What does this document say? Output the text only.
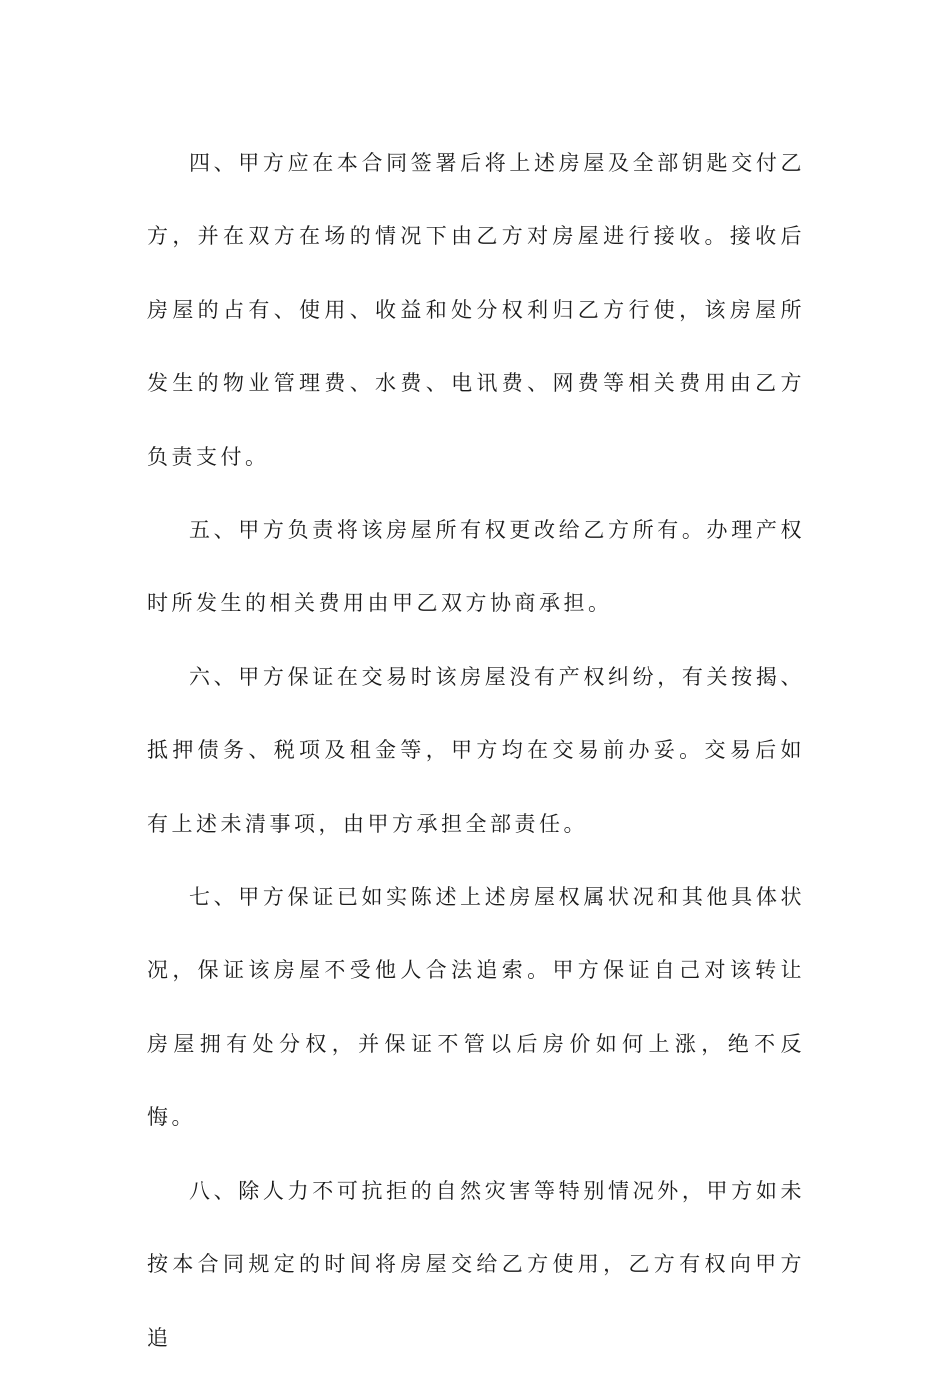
四、甲方应在本合同签署后将上述房屋及全部钥匙交付乙方，并在双方在场的情况下由乙方对房屋进行接收。接收后房屋的占有、使用、收益和处分权利归乙方行使，该房屋所发生的物业管理费、水费、电讯费、网费等相关费用由乙方负责支付。

五、甲方负责将该房屋所有权更改给乙方所有。办理产权时所发生的相关费用由甲乙双方协商承担。

六、甲方保证在交易时该房屋没有产权纠纷，有关按揭、抵押债务、税项及租金等，甲方均在交易前办妥。交易后如有上述未清事项，由甲方承担全部责任。

七、甲方保证已如实陈述上述房屋权属状况和其他具体状况，保证该房屋不受他人合法追索。甲方保证自己对该转让房屋拥有处分权，并保证不管以后房价如何上涨，绝不反悔。

八、除人力不可抗拒的自然灾害等特别情况外，甲方如未按本合同规定的时间将房屋交给乙方使用，乙方有权向甲方追
